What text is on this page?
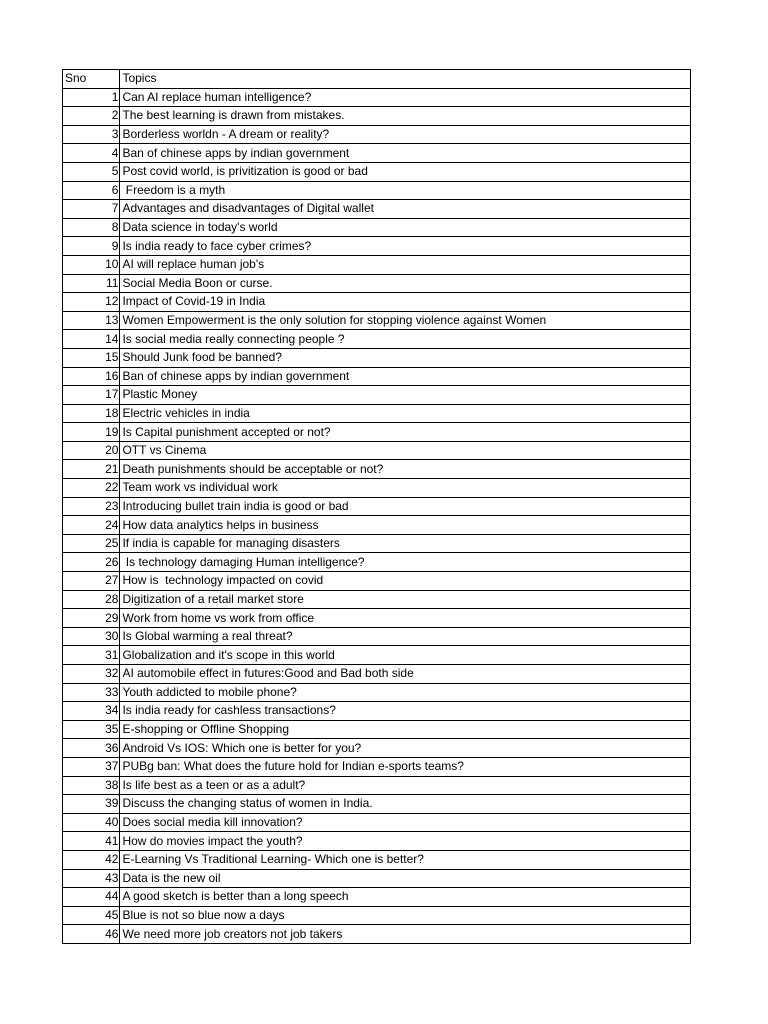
Sno	Topics
1	Can AI replace human intelligence?
2	The best learning is drawn from mistakes.
3	Borderless worldn - A dream or reality?
4	Ban of chinese apps by indian government
5	Post covid world, is privitization is good or bad
6	Freedom is a myth
7	Advantages and disadvantages of Digital wallet
8	Data science in today's world
9	Is india ready to face cyber crimes?
10	AI will replace human job's
11	Social Media Boon or curse.
12	Impact of Covid-19 in India
13	Women Empowerment is the only solution for stopping violence against Women
14	Is social media really connecting people ?
15	Should Junk food be banned?
16	Ban of chinese apps by indian government
17	Plastic Money
18	Electric vehicles in india
19	Is Capital punishment accepted or not?
20	OTT vs Cinema
21	Death punishments should be acceptable or not?
22	Team work vs individual work
23	Introducing bullet train india is good or bad
24	How data analytics helps in business
25	If india is capable for managing disasters
26	Is technology damaging Human intelligence?
27	How is  technology impacted on covid
28	Digitization of a retail market store
29	Work from home vs work from office
30	Is Global warming a real threat?
31	Globalization and it's scope in this world
32	AI automobile effect in futures:Good and Bad both side
33	Youth addicted to mobile phone?
34	Is india ready for cashless transactions?
35	E-shopping or Offline Shopping
36	Android Vs IOS: Which one is better for you?
37	PUBg ban: What does the future hold for Indian e-sports teams?
38	Is life best as a teen or as a adult?
39	Discuss the changing status of women in India.
40	Does social media kill innovation?
41	How do movies impact the youth?
42	E-Learning Vs Traditional Learning- Which one is better?
43	Data is the new oil
44	A good sketch is better than a long speech
45	Blue is not so blue now a days
46	We need more job creators not job takers
